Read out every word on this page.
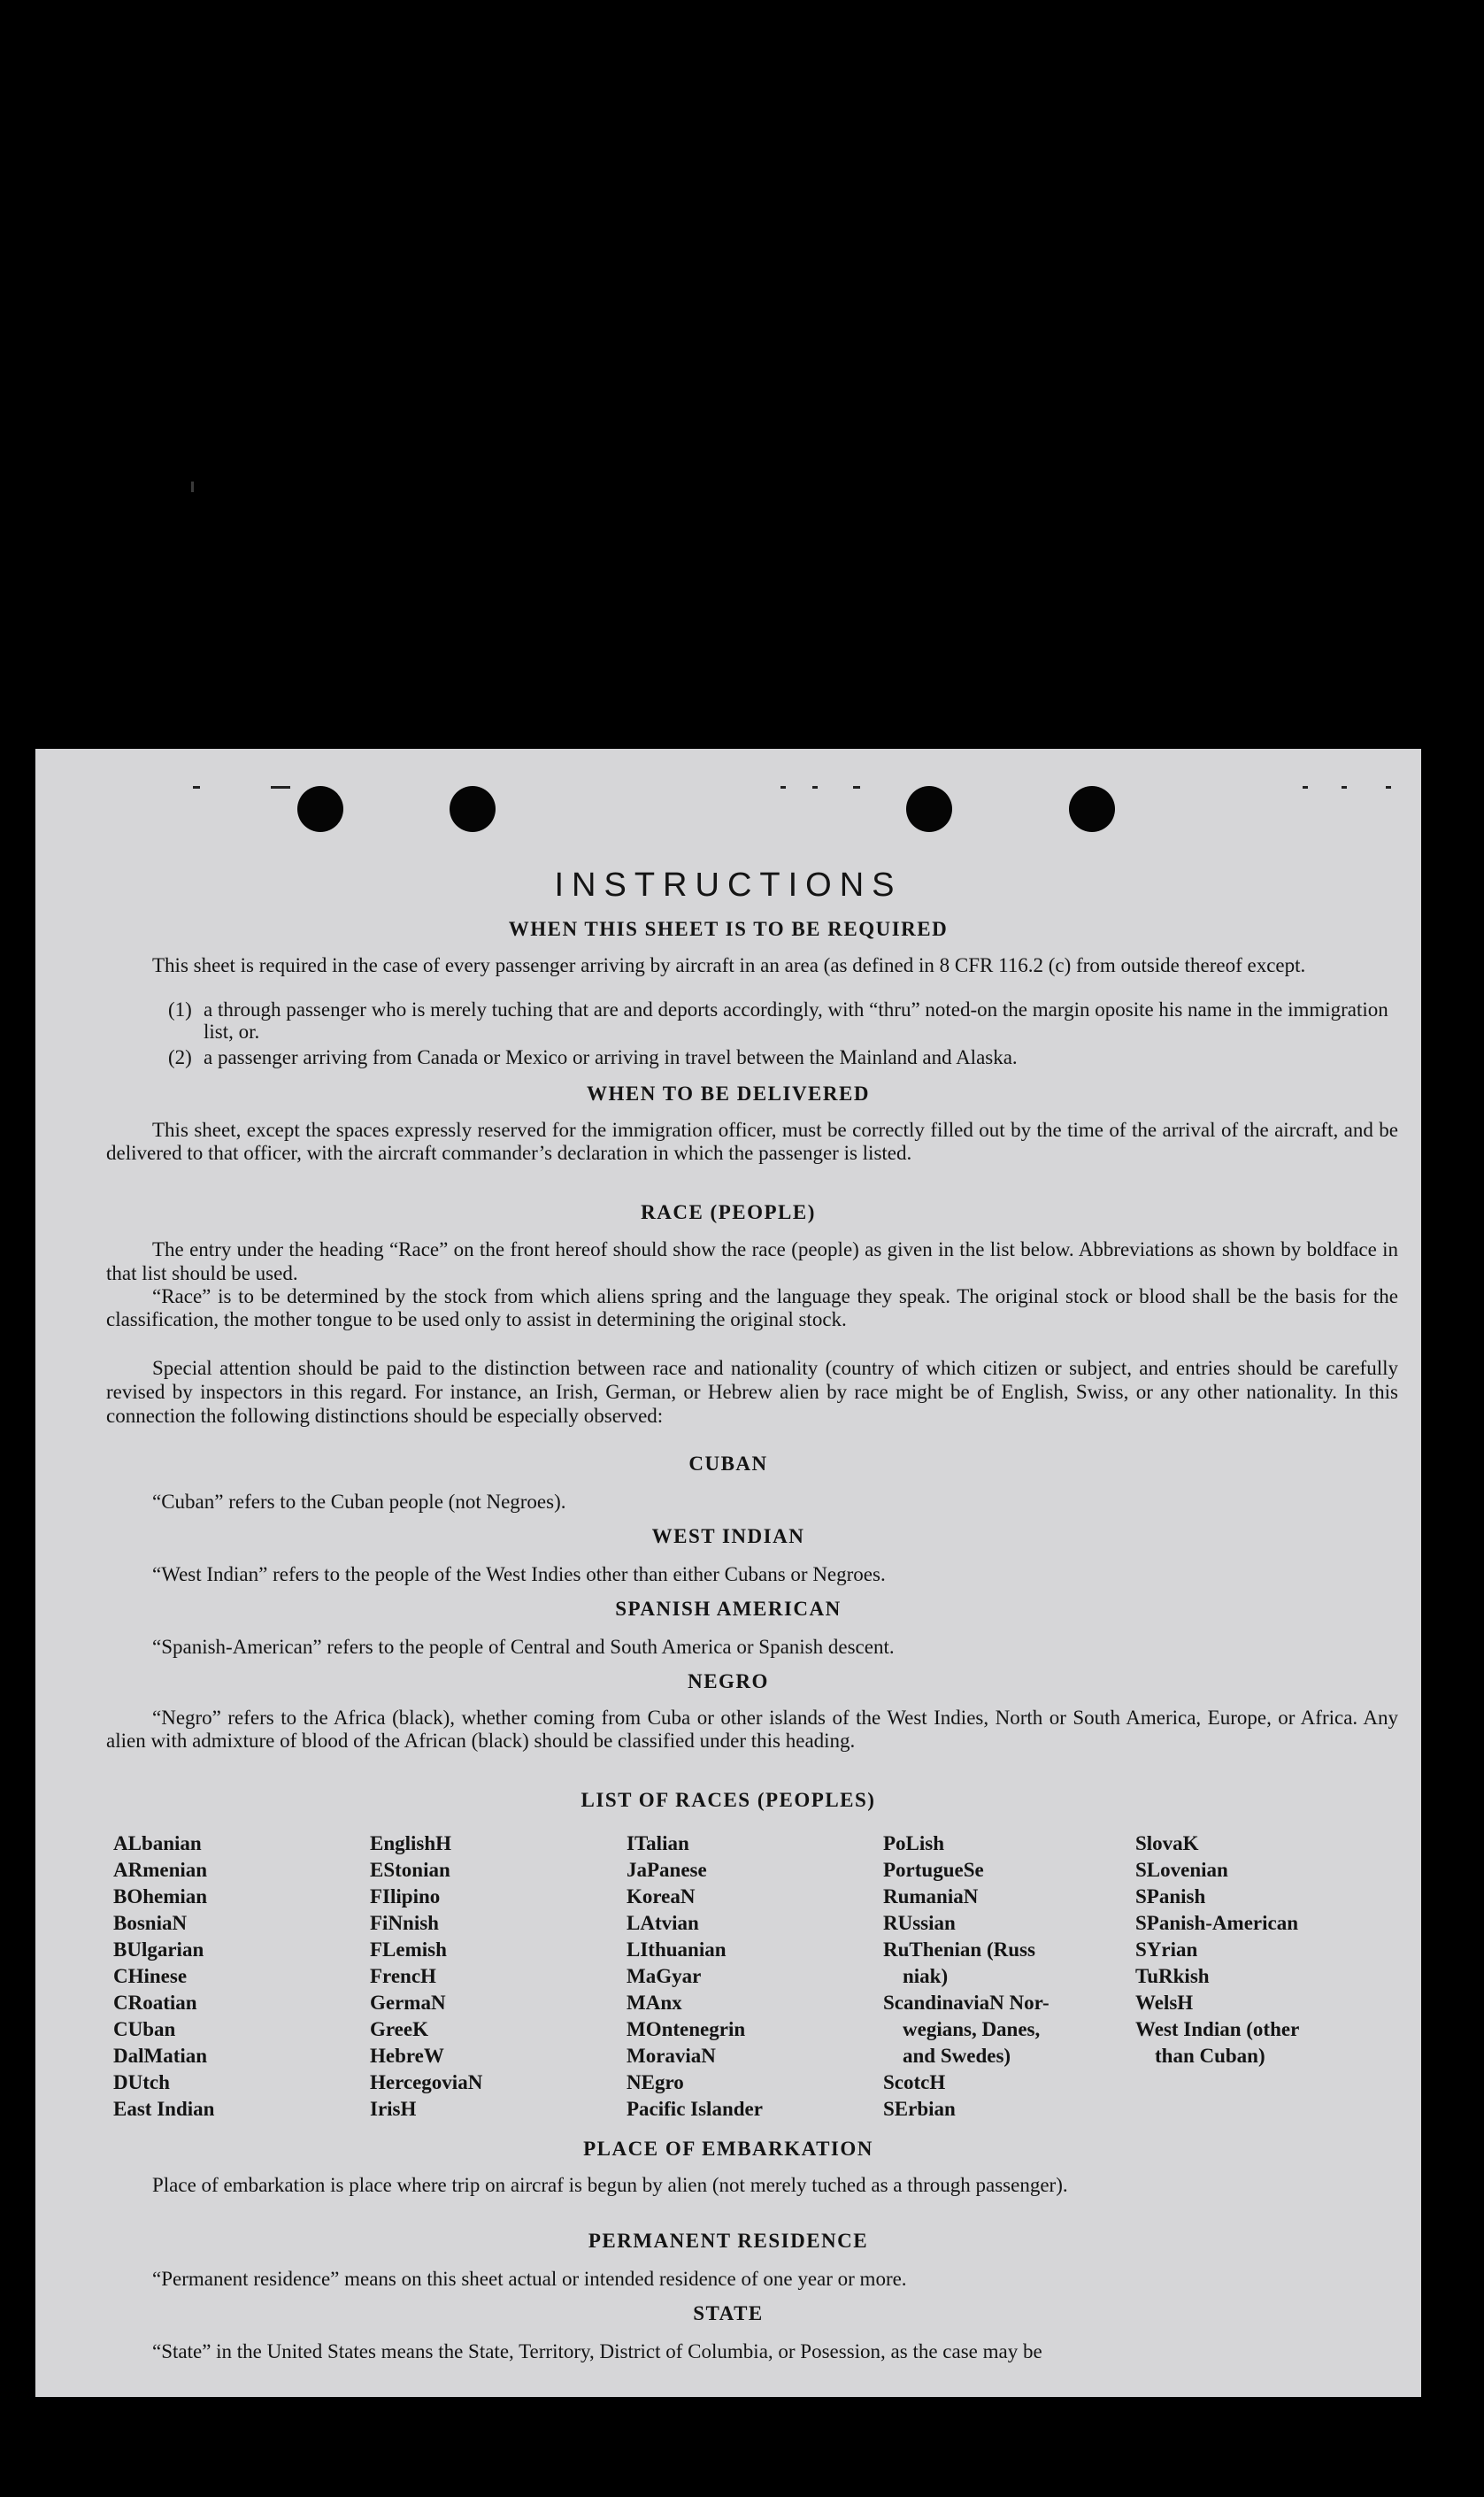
INSTRUCTIONS
WHEN THIS SHEET IS TO BE REQUIRED
This sheet is required in the case of every passenger arriving by aircraft in an area (as defined in 8 CFR 116.2 (c) from outside thereof except.
(1) a through passenger who is merely tuching that are and deports accordingly, with “thru” noted-on the margin oposite his name in the immigration list, or.
(2) a passenger arriving from Canada or Mexico or arriving in travel between the Mainland and Alaska.
WHEN TO BE DELIVERED
This sheet, except the spaces expressly reserved for the immigration officer, must be correctly filled out by the time of the arrival of the aircraft, and be delivered to that officer, with the aircraft commander’s declaration in which the passenger is listed.
RACE (PEOPLE)
The entry under the heading “Race” on the front hereof should show the race (people) as given in the list below. Abbreviations as shown by boldface in that list should be used.
“Race” is to be determined by the stock from which aliens spring and the language they speak. The original stock or blood shall be the basis for the classification, the mother tongue to be used only to assist in determining the original stock.
Special attention should be paid to the distinction between race and nationality (country of which citizen or subject, and entries should be carefully revised by inspectors in this regard. For instance, an Irish, German, or Hebrew alien by race might be of English, Swiss, or any other nationality. In this connection the following distinctions should be especially observed:
CUBAN
“Cuban” refers to the Cuban people (not Negroes).
WEST INDIAN
“West Indian” refers to the people of the West Indies other than either Cubans or Negroes.
SPANISH AMERICAN
“Spanish-American” refers to the people of Central and South America or Spanish descent.
NEGRO
“Negro” refers to the Africa (black), whether coming from Cuba or other islands of the West Indies, North or South America, Europe, or Africa. Any alien with admixture of blood of the African (black) should be classified under this heading.
LIST OF RACES (PEOPLES)
ALbanian
ARmenian
BOhemian
BosniaN
BUlgarian
CHinese
CRoatian
CUban
DalMatian
DUtch
East Indian
EnglishH
EStonian
FIlipino
FiNnish
FLemish
FrencH
GermaN
GreeK
HebreW
HercegoviaN
IrisH
ITalian
JaPanese
KoreaN
LAtvian
LIthuanian
MaGyar
MAnx
MOntenegrin
MoraviaN
NEgro
Pacific Islander
PoLish
PortugueSe
RumaniaN
RUssian
RuThenian (Russ
niak)
ScandinaviaN Nor-
wegians, Danes,
and Swedes)
ScotcH
SErbian
SlovaK
SLovenian
SPanish
SPanish-American
SYrian
TuRkish
WelsH
West Indian (other
than Cuban)
PLACE OF EMBARKATION
Place of embarkation is place where trip on aircraf is begun by alien (not merely tuched as a through passenger).
PERMANENT RESIDENCE
“Permanent residence” means on this sheet actual or intended residence of one year or more.
STATE
“State” in the United States means the State, Territory, District of Columbia, or Posession, as the case may be
